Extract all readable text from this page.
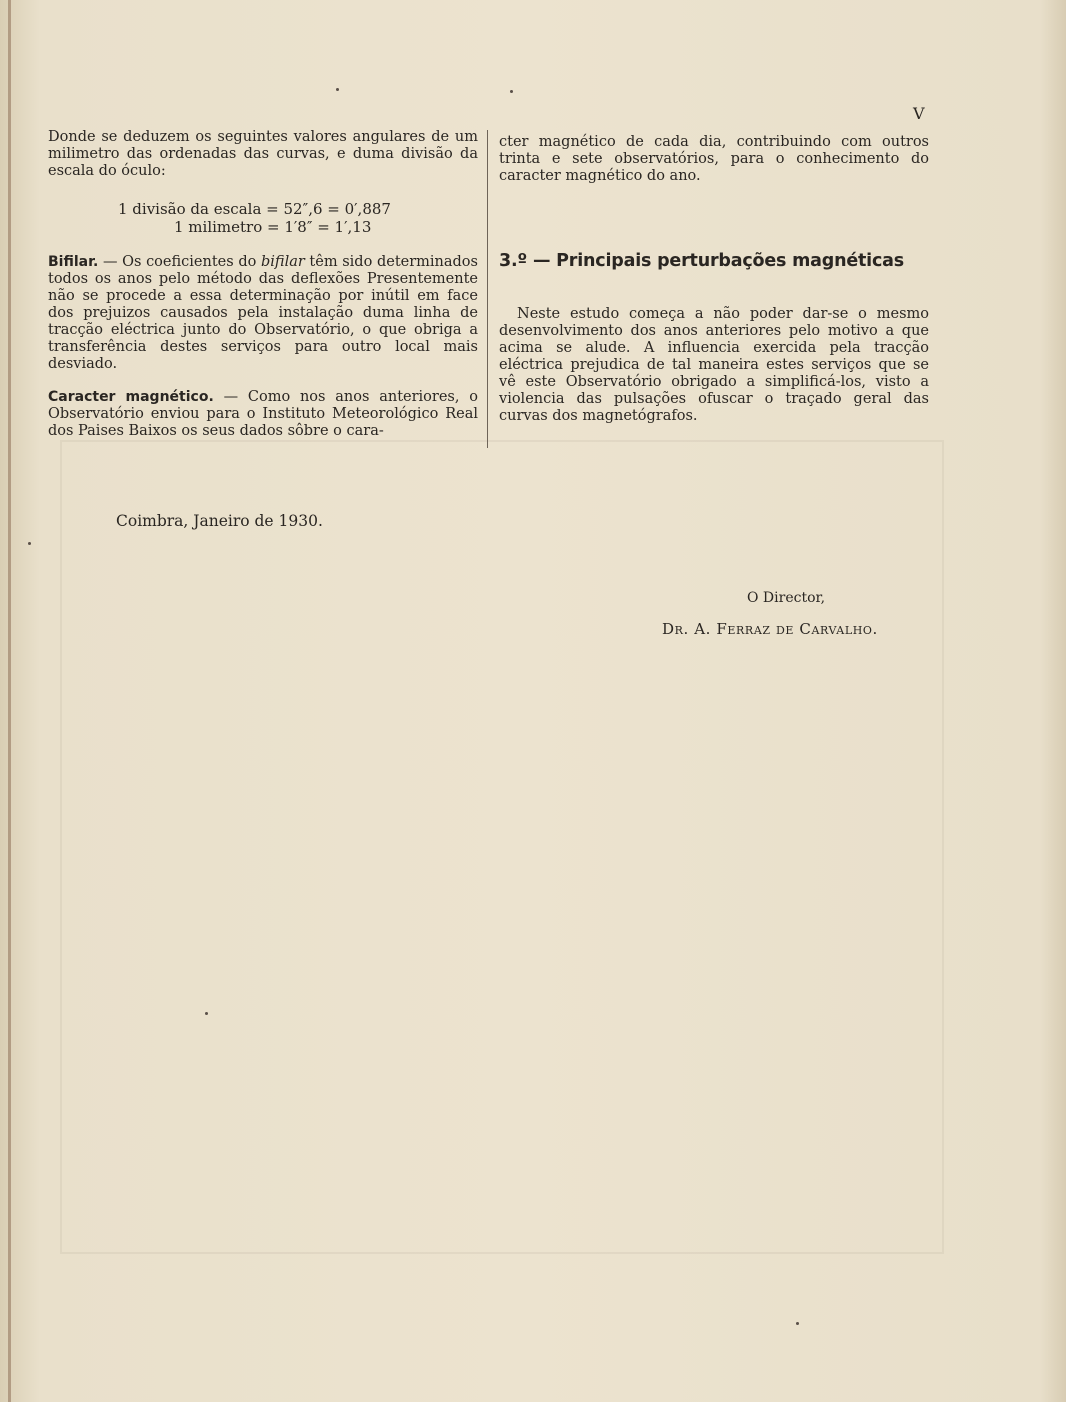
V

Donde se deduzem os seguintes valores angulares de um milimetro das ordenadas das curvas, e duma divisão da escala do óculo:

1 divisão da escala = 52″,6 = 0′,887
1 milimetro = 1′8″ = 1′,13

Bifilar. — Os coeficientes do bifilar têm sido determinados todos os anos pelo método das deflexões Presentemente não se procede a essa determinação por inútil em face dos prejuizos causados pela instalação duma linha de tracção eléctrica junto do Observatório, o que obriga a transferência destes serviços para outro local mais desviado.

Caracter magnético. — Como nos anos anteriores, o Observatório enviou para o Instituto Meteorológico Real dos Paises Baixos os seus dados sôbre o cara-

cter magnético de cada dia, contribuindo com outros trinta e sete observatórios, para o conhecimento do caracter magnético do ano.

3.º — Principais perturbações magnéticas

Neste estudo começa a não poder dar-se o mesmo desenvolvimento dos anos anteriores pelo motivo a que acima se alude. A influencia exercida pela tracção eléctrica prejudica de tal maneira estes serviços que se vê este Observatório obrigado a simplificá-los, visto a violencia das pulsações ofuscar o traçado geral das curvas dos magnetógrafos.

Coimbra, Janeiro de 1930.
O Director,
Dr. A. Ferraz de Carvalho.
